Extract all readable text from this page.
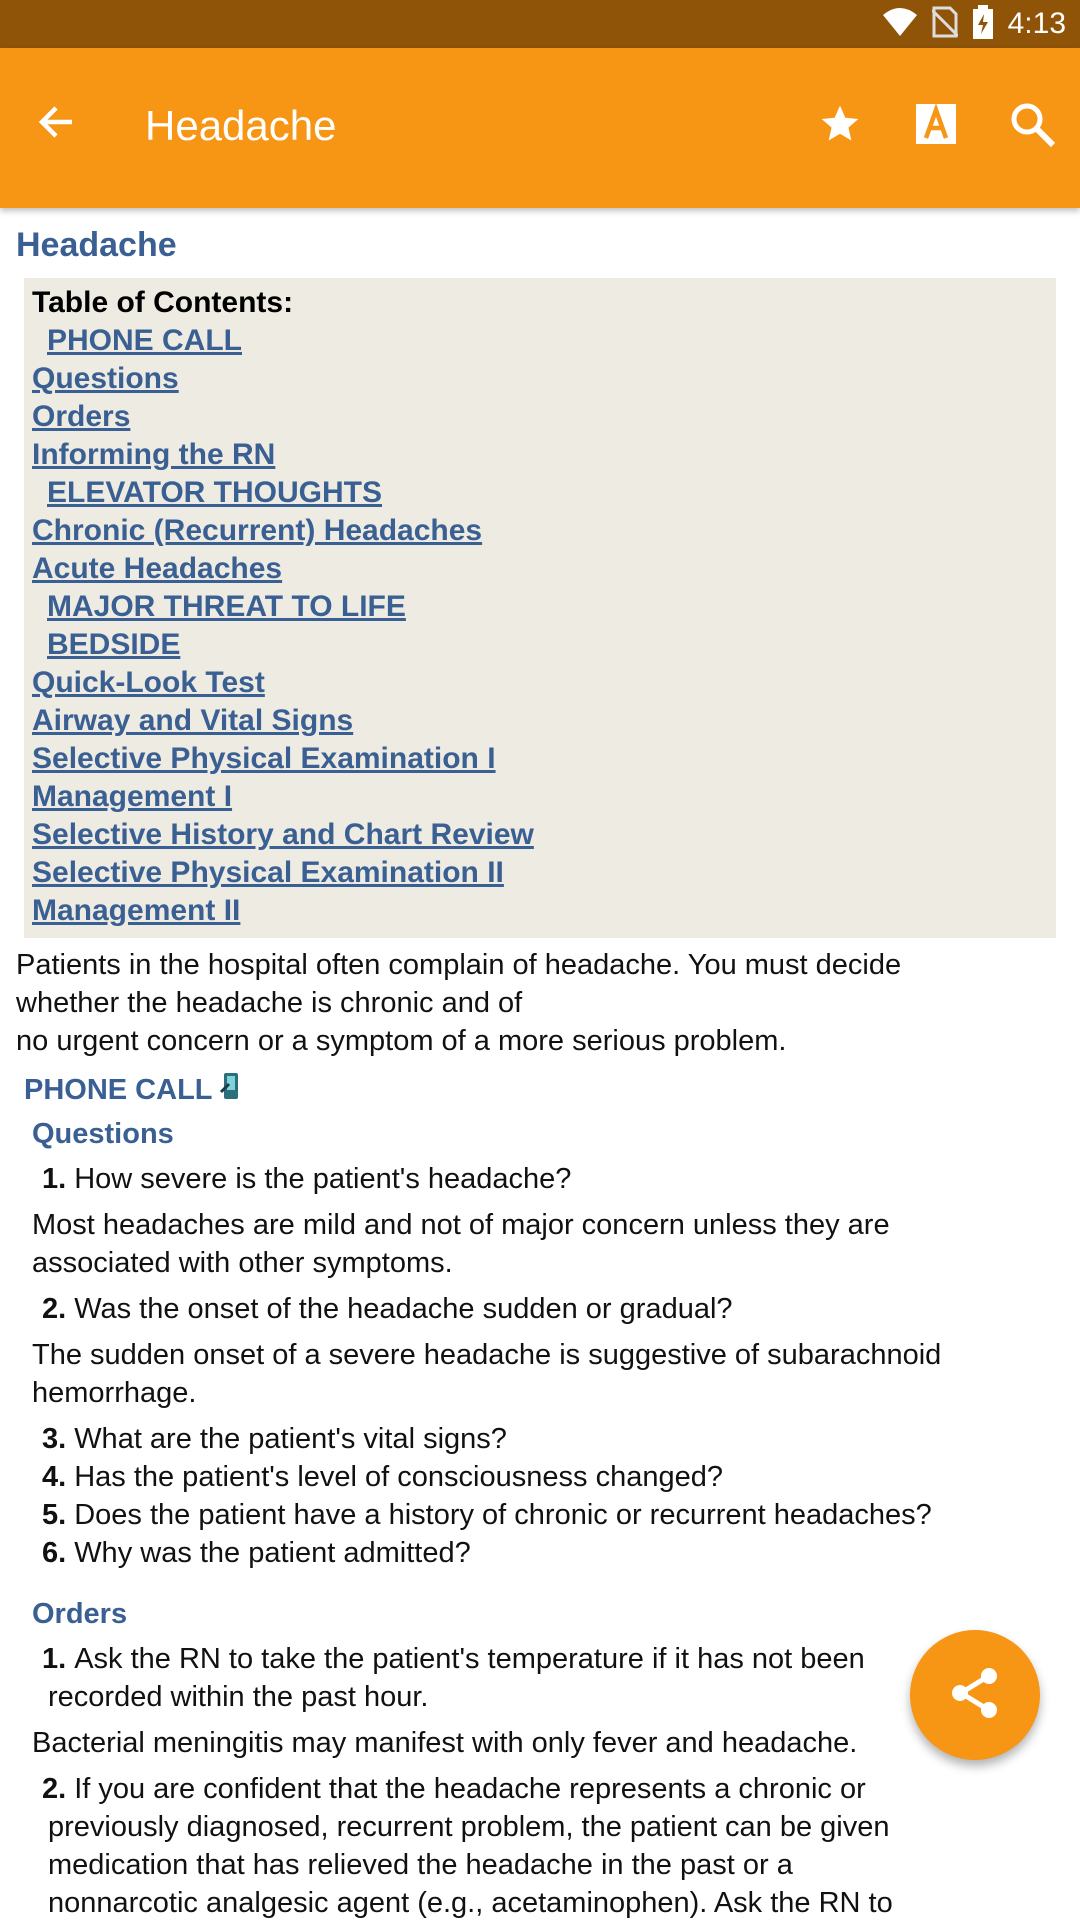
4:13
Headache
Headache
Table of Contents:
PHONE CALL
Questions
Orders
Informing the RN
ELEVATOR THOUGHTS
Chronic (Recurrent) Headaches
Acute Headaches
MAJOR THREAT TO LIFE
BEDSIDE
Quick-Look Test
Airway and Vital Signs
Selective Physical Examination I
Management I
Selective History and Chart Review
Selective Physical Examination II
Management II
Patients in the hospital often complain of headache. You must decide
whether the headache is chronic and of
no urgent concern or a symptom of a more serious problem.
PHONE CALL
Questions
1. How severe is the patient's headache?
Most headaches are mild and not of major concern unless they are
associated with other symptoms.
2. Was the onset of the headache sudden or gradual?
The sudden onset of a severe headache is suggestive of subarachnoid
hemorrhage.
3. What are the patient's vital signs?
4. Has the patient's level of consciousness changed?
5. Does the patient have a history of chronic or recurrent headaches?
6. Why was the patient admitted?
Orders
1. Ask the RN to take the patient's temperature if it has not been
recorded within the past hour.
Bacterial meningitis may manifest with only fever and headache.
2. If you are confident that the headache represents a chronic or
previously diagnosed, recurrent problem, the patient can be given
medication that has relieved the headache in the past or a
nonnarcotic analgesic agent (e.g., acetaminophen). Ask the RN to
